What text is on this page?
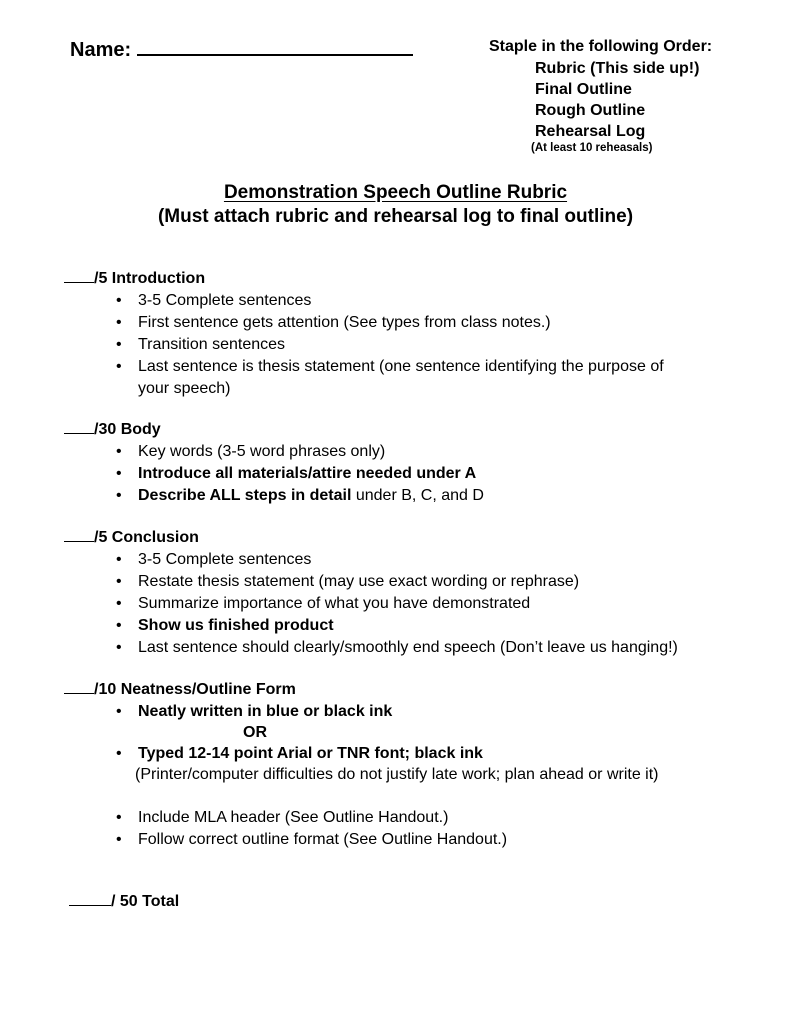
Name:	Staple in the following Order:
Rubric (This side up!)
Final Outline
Rough Outline
Rehearsal Log
(At least 10 reheasals)
Demonstration Speech Outline Rubric
(Must attach rubric and rehearsal log to final outline)
/5 Introduction
• 3-5 Complete sentences
• First sentence gets attention (See types from class notes.)
• Transition sentences
• Last sentence is thesis statement (one sentence identifying the purpose of
your speech)
/30 Body
• Key words (3-5 word phrases only)
• Introduce all materials/attire needed under A
• Describe ALL steps in detail under B, C, and D
/5 Conclusion
• 3-5 Complete sentences
• Restate thesis statement (may use exact wording or rephrase)
• Summarize importance of what you have demonstrated
• Show us finished product
• Last sentence should clearly/smoothly end speech (Don’t leave us hanging!)
/10 Neatness/Outline Form
• Neatly written in blue or black ink
OR
• Typed 12-14 point Arial or TNR font; black ink
(Printer/computer difficulties do not justify late work; plan ahead or write it)
• Include MLA header (See Outline Handout.)
• Follow correct outline format (See Outline Handout.)
/ 50 Total
